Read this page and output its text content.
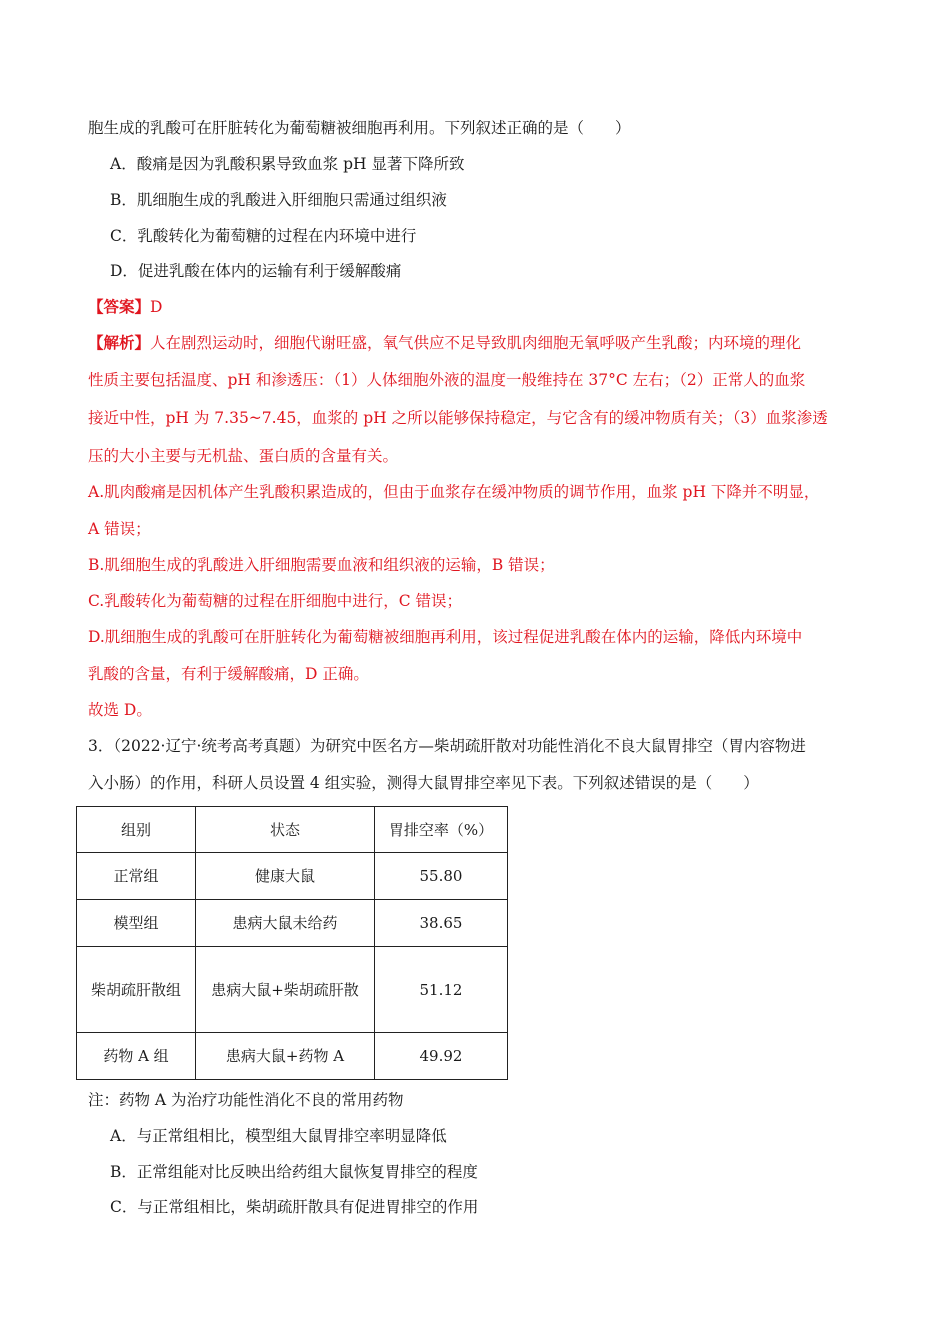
胞生成的乳酸可在肝脏转化为葡萄糖被细胞再利用。下列叙述正确的是（　　）
A．酸痛是因为乳酸积累导致血浆 pH 显著下降所致
B．肌细胞生成的乳酸进入肝细胞只需通过组织液
C．乳酸转化为葡萄糖的过程在内环境中进行
D．促进乳酸在体内的运输有利于缓解酸痛
【答案】D
【解析】人在剧烈运动时，细胞代谢旺盛，氧气供应不足导致肌肉细胞无氧呼吸产生乳酸；内环境的理化
性质主要包括温度、pH 和渗透压：（1）人体细胞外液的温度一般维持在 37°C 左右；（2）正常人的血浆
接近中性，pH 为 7.35~7.45，血浆的 pH 之所以能够保持稳定，与它含有的缓冲物质有关；（3）血浆渗透
压的大小主要与无机盐、蛋白质的含量有关。
A.肌肉酸痛是因机体产生乳酸积累造成的，但由于血浆存在缓冲物质的调节作用，血浆 pH 下降并不明显，
A 错误；
B.肌细胞生成的乳酸进入肝细胞需要血液和组织液的运输，B 错误；
C.乳酸转化为葡萄糖的过程在肝细胞中进行，C 错误；
D.肌细胞生成的乳酸可在肝脏转化为葡萄糖被细胞再利用，该过程促进乳酸在体内的运输，降低内环境中
乳酸的含量，有利于缓解酸痛，D 正确。
故选 D。
3．（2022·辽宁·统考高考真题）为研究中医名方—柴胡疏肝散对功能性消化不良大鼠胃排空（胃内容物进
入小肠）的作用，科研人员设置 4 组实验，测得大鼠胃排空率见下表。下列叙述错误的是（　　）
组别	状态	胃排空率（%）
正常组	健康大鼠	55.80
模型组	患病大鼠未给药	38.65
柴胡疏肝散组	患病大鼠+柴胡疏肝散	51.12
药物 A 组	患病大鼠+药物 A	49.92
注：药物 A 为治疗功能性消化不良的常用药物
A．与正常组相比，模型组大鼠胃排空率明显降低
B．正常组能对比反映出给药组大鼠恢复胃排空的程度
C．与正常组相比，柴胡疏肝散具有促进胃排空的作用
